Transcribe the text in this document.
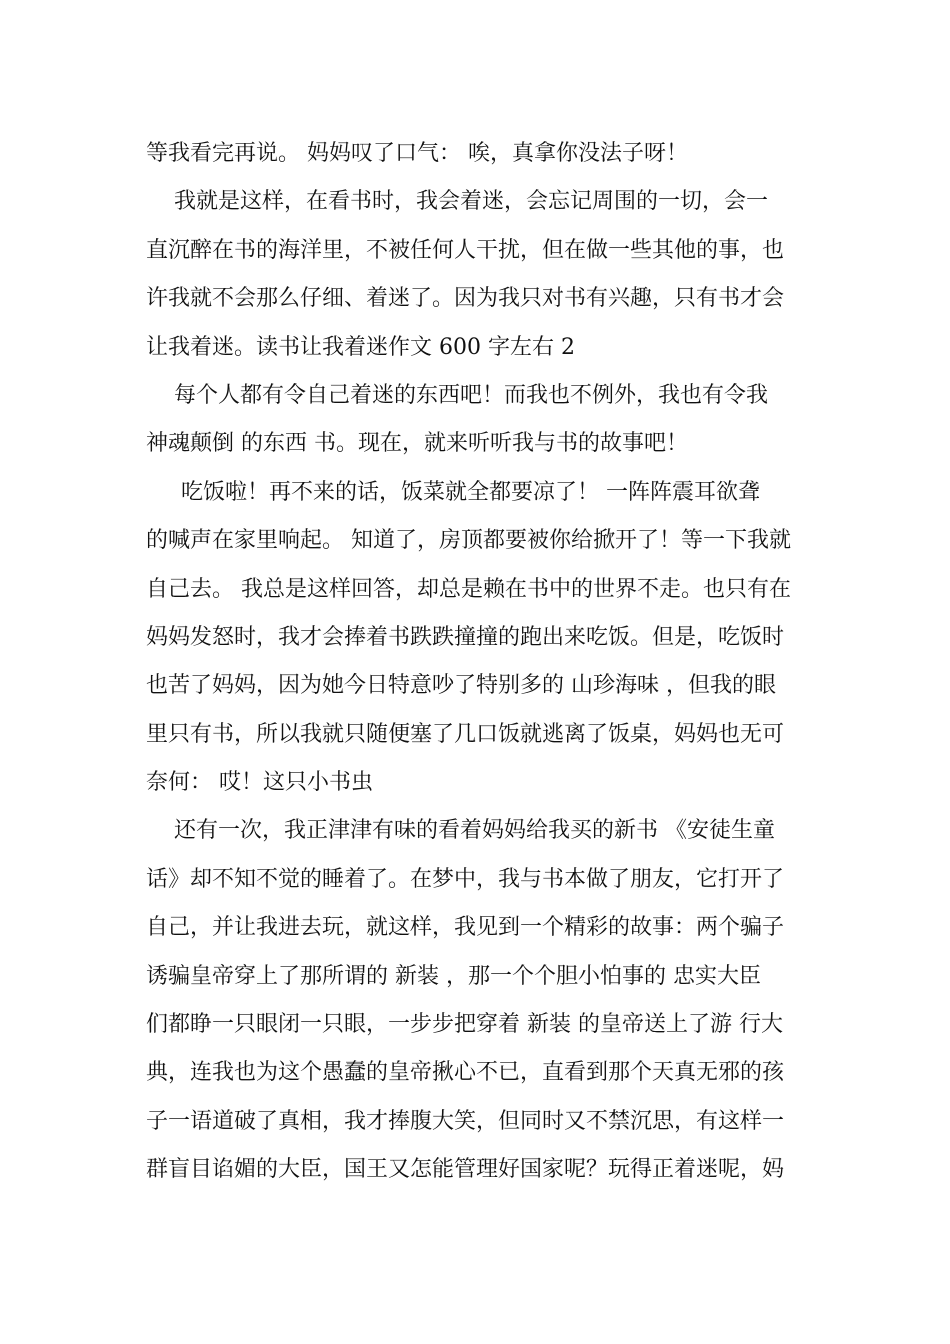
等我看完再说。 妈妈叹了口气： 唉，真拿你没法子呀！
我就是这样，在看书时，我会着迷，会忘记周围的一切，会一
直沉醉在书的海洋里，不被任何人干扰，但在做一些其他的事，也
许我就不会那么仔细、着迷了。因为我只对书有兴趣，只有书才会
让我着迷。读书让我着迷作文 600 字左右 2
每个人都有令自己着迷的东西吧！而我也不例外，我也有令我
神魂颠倒 的东西 书。现在，就来听听我与书的故事吧！
吃饭啦！再不来的话，饭菜就全都要凉了！ 一阵阵震耳欲聋
的喊声在家里响起。 知道了，房顶都要被你给掀开了！等一下我就
自己去。 我总是这样回答，却总是赖在书中的世界不走。也只有在
妈妈发怒时，我才会捧着书跌跌撞撞的跑出来吃饭。但是，吃饭时
也苦了妈妈，因为她今日特意吵了特别多的 山珍海味 ，但我的眼
里只有书，所以我就只随便塞了几口饭就逃离了饭桌，妈妈也无可
奈何： 哎！这只小书虫
还有一次，我正津津有味的看着妈妈给我买的新书 《安徒生童
话》却不知不觉的睡着了。在梦中，我与书本做了朋友，它打开了
自己，并让我进去玩，就这样，我见到一个精彩的故事：两个骗子
诱骗皇帝穿上了那所谓的 新装 ，那一个个胆小怕事的 忠实大臣
们都睁一只眼闭一只眼，一步步把穿着 新装 的皇帝送上了游 行大
典，连我也为这个愚蠢的皇帝揪心不已，直看到那个天真无邪的孩
子一语道破了真相，我才捧腹大笑，但同时又不禁沉思，有这样一
群盲目谄媚的大臣，国王又怎能管理好国家呢？玩得正着迷呢，妈
